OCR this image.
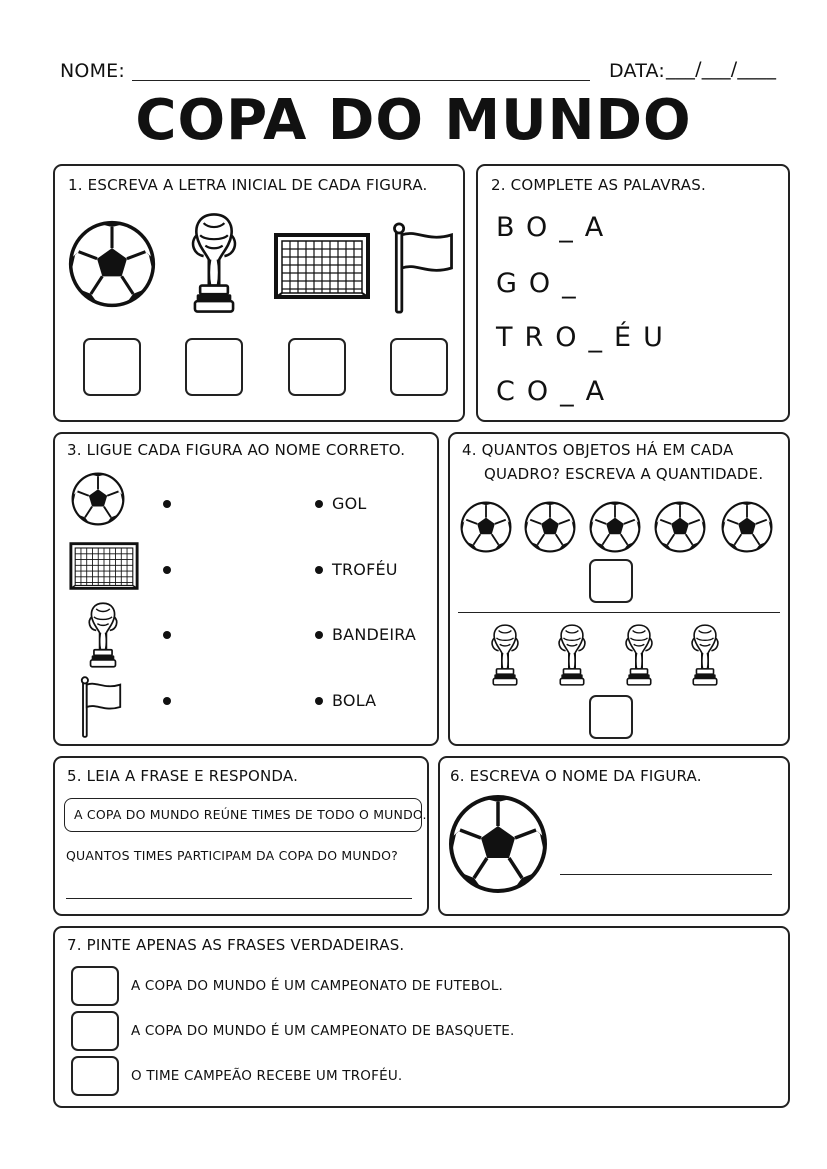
NOME:	DATA: ___/___/____
COPA DO MUNDO
1. ESCREVA A LETRA INICIAL DE CADA FIGURA.	2. COMPLETE AS PALAVRAS.
BO_A
GO_
TRO_ÉU
CO_A
3. LIGUE CADA FIGURA AO NOME CORRETO.
GOL
TROFÉU
BANDEIRA
BOLA
4. QUANTOS OBJETOS HÁ EM CADA
QUADRO? ESCREVA A QUANTIDADE.
5. LEIA A FRASE E RESPONDA.
A COPA DO MUNDO REÚNE TIMES DE TODO O MUNDO.
QUANTOS TIMES PARTICIPAM DA COPA DO MUNDO?
6. ESCREVA O NOME DA FIGURA.
7. PINTE APENAS AS FRASES VERDADEIRAS.
A COPA DO MUNDO É UM CAMPEONATO DE FUTEBOL.
A COPA DO MUNDO É UM CAMPEONATO DE BASQUETE.
O TIME CAMPEÃO RECEBE UM TROFÉU.
